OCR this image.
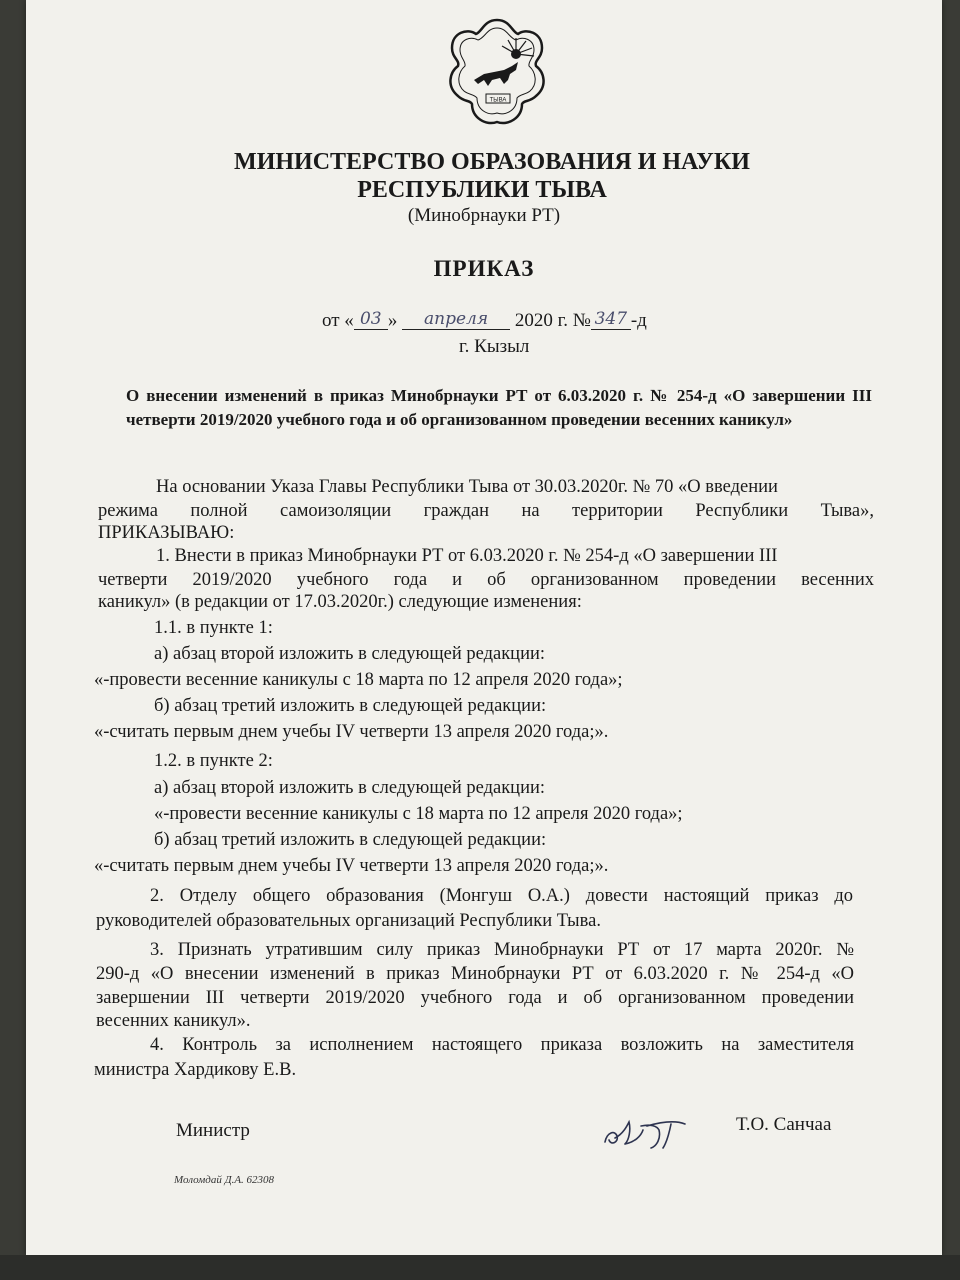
ТЫВА
МИНИСТЕРСТВО ОБРАЗОВАНИЯ И НАУКИ
РЕСПУБЛИКИ ТЫВА
(Минобрнауки РТ)
ПРИКАЗ
от « 03 » апреля 2020 г. № 347 -д
г. Кызыл
О внесении изменений в приказ Минобрнауки РТ от 6.03.2020 г. № 254-д «О завершении III четверти 2019/2020 учебного года и об организованном проведении весенних каникул»
На основании Указа Главы Республики Тыва от 30.03.2020г. № 70 «О введении
режима полной самоизоляции граждан на территории Республики Тыва»,
ПРИКАЗЫВАЮ:
1. Внести в приказ Минобрнауки РТ от 6.03.2020 г. № 254-д «О завершении III
четверти 2019/2020 учебного года и об организованном проведении весенних
каникул» (в редакции от 17.03.2020г.) следующие изменения:
1.1. в пункте 1:
а) абзац второй изложить в следующей редакции:
«-провести весенние каникулы с 18 марта по 12 апреля 2020 года»;
б) абзац третий изложить в следующей редакции:
«-считать первым днем учебы IV четверти 13 апреля 2020 года;».
1.2. в пункте 2:
а) абзац второй изложить в следующей редакции:
«-провести весенние каникулы с 18 марта по 12 апреля 2020 года»;
б) абзац третий изложить в следующей редакции:
«-считать первым днем учебы IV четверти 13 апреля 2020 года;».
2. Отделу общего образования (Монгуш О.А.) довести настоящий приказ до
руководителей образовательных организаций Республики Тыва.
3. Признать утратившим силу приказ Минобрнауки РТ от 17 марта 2020г. №
290-д «О внесении изменений в приказ Минобрнауки РТ от 6.03.2020 г. № 254-д «О
завершении III четверти 2019/2020 учебного года и об организованном проведении
весенних каникул».
4. Контроль за исполнением настоящего приказа возложить на заместителя
министра Хардикову Е.В.
Министр	Т.О. Санчаа
Моломдай Д.А. 62308
